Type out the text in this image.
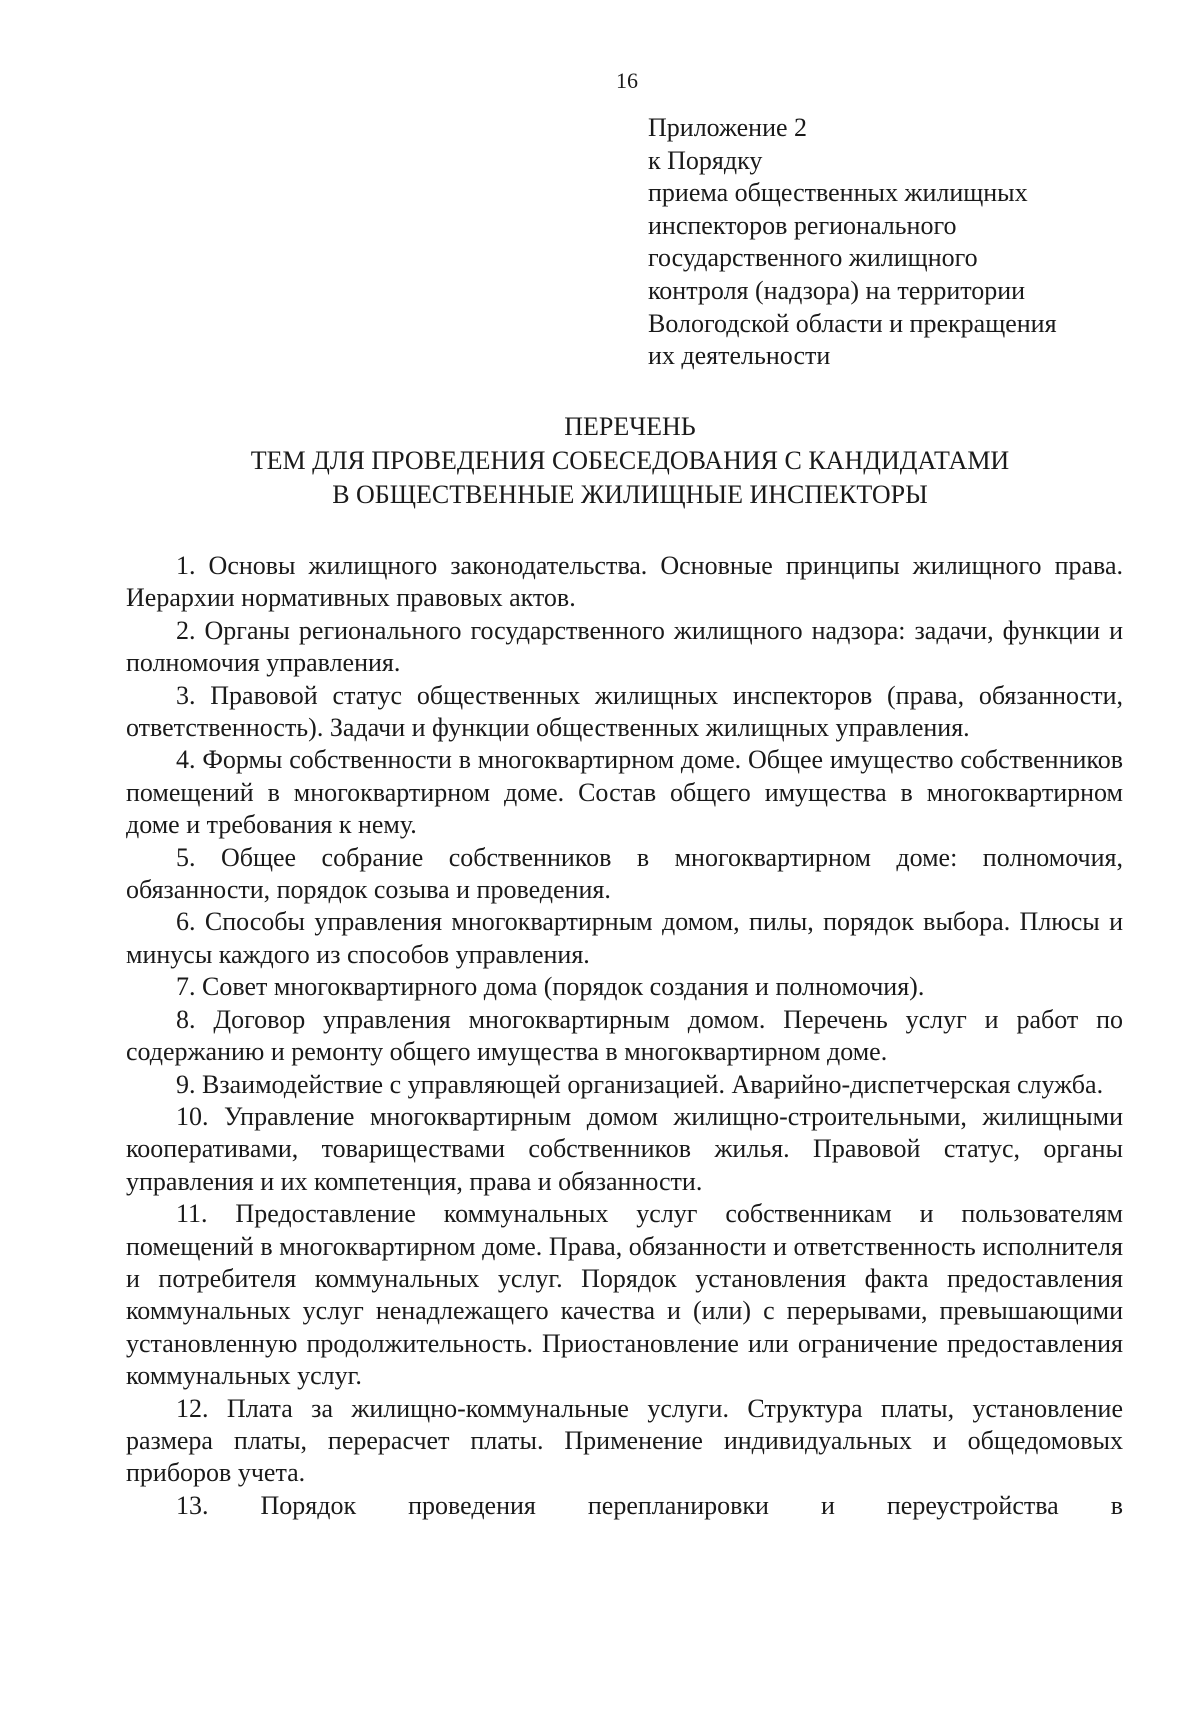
16
Приложение 2
к Порядку
приема общественных жилищных
инспекторов регионального
государственного жилищного
контроля (надзора) на территории
Вологодской области и прекращения
их деятельности
ПЕРЕЧЕНЬ
ТЕМ ДЛЯ ПРОВЕДЕНИЯ СОБЕСЕДОВАНИЯ С КАНДИДАТАМИ
В ОБЩЕСТВЕННЫЕ ЖИЛИЩНЫЕ ИНСПЕКТОРЫ

1. Основы жилищного законодательства. Основные принципы жилищного права. Иерархии нормативных правовых актов.

2. Органы регионального государственного жилищного надзора: задачи, функции и полномочия управления.

3. Правовой статус общественных жилищных инспекторов (права, обязанности, ответственность). Задачи и функции общественных жилищных управления.

4. Формы собственности в многоквартирном доме. Общее имущество собственников помещений в многоквартирном доме. Состав общего имущества в многоквартирном доме и требования к нему.

5. Общее собрание собственников в многоквартирном доме: полномочия, обязанности, порядок созыва и проведения.

6. Способы управления многоквартирным домом, пилы, порядок выбора. Плюсы и минусы каждого из способов управления.

7. Совет многоквартирного дома (порядок создания и полномочия).

8. Договор управления многоквартирным домом. Перечень услуг и работ по содержанию и ремонту общего имущества в многоквартирном доме.

9. Взаимодействие с управляющей организацией. Аварийно-диспетчерская служба.

10. Управление многоквартирным домом жилищно-строительными, жилищными кооперативами, товариществами собственников жилья. Правовой статус, органы управления и их компетенция, права и обязанности.

11. Предоставление коммунальных услуг собственникам и пользователям помещений в многоквартирном доме. Права, обязанности и ответственность исполнителя и потребителя коммунальных услуг. Порядок установления факта предоставления коммунальных услуг ненадлежащего качества и (или) с перерывами, превышающими установленную продолжительность. Приостановление или ограничение предоставления коммунальных услуг.

12. Плата за жилищно-коммунальные услуги. Структура платы, установление размера платы, перерасчет платы. Применение индивидуальных и общедомовых приборов учета.

13. Порядок проведения перепланировки и переустройства в
